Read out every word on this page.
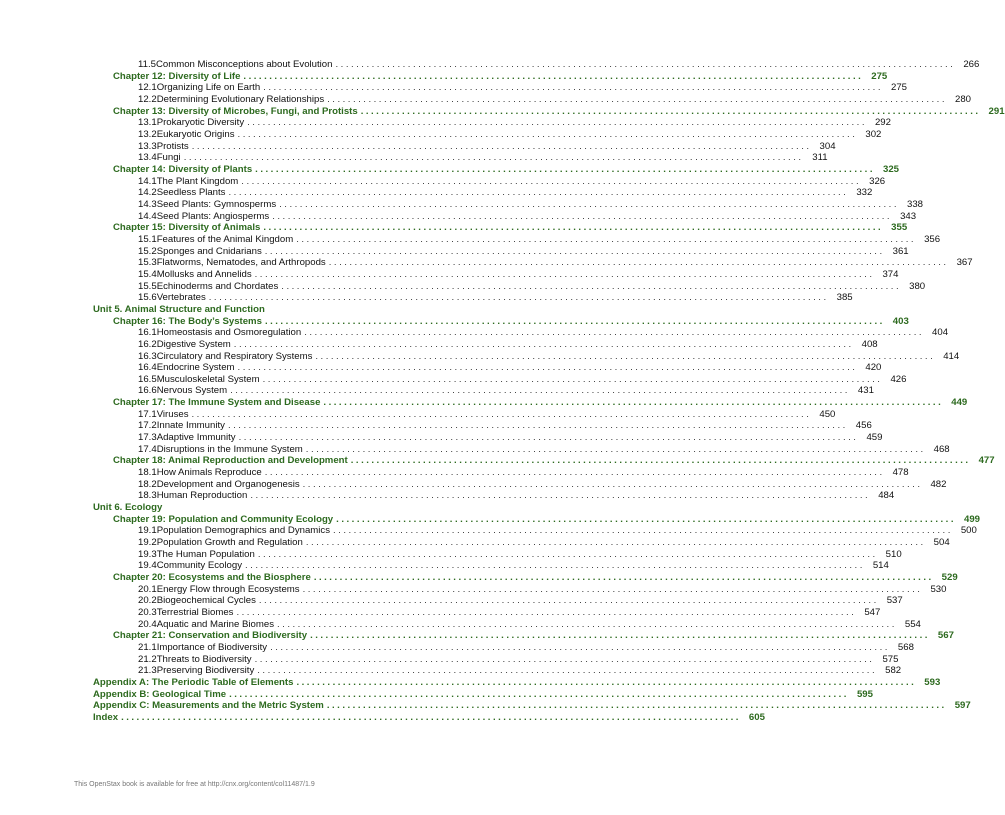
11.5 Common Misconceptions about Evolution ........................................................................................................................ 266
Chapter 12: Diversity of Life ........................................................................................................................ 275
12.1 Organizing Life on Earth ........................................................................................................................ 275
12.2 Determining Evolutionary Relationships ........................................................................................................................ 280
Chapter 13: Diversity of Microbes, Fungi, and Protists ........................................................................................................................ 291
13.1 Prokaryotic Diversity ........................................................................................................................ 292
13.2 Eukaryotic Origins ........................................................................................................................ 302
13.3 Protists ........................................................................................................................ 304
13.4 Fungi ........................................................................................................................ 311
Chapter 14: Diversity of Plants ........................................................................................................................ 325
14.1 The Plant Kingdom ........................................................................................................................ 326
14.2 Seedless Plants ........................................................................................................................ 332
14.3 Seed Plants: Gymnosperms ........................................................................................................................ 338
14.4 Seed Plants: Angiosperms ........................................................................................................................ 343
Chapter 15: Diversity of Animals ........................................................................................................................ 355
15.1 Features of the Animal Kingdom ........................................................................................................................ 356
15.2 Sponges and Cnidarians ........................................................................................................................ 361
15.3 Flatworms, Nematodes, and Arthropods ........................................................................................................................ 367
15.4 Mollusks and Annelids ........................................................................................................................ 374
15.5 Echinoderms and Chordates ........................................................................................................................ 380
15.6 Vertebrates ........................................................................................................................ 385
Unit 5. Animal Structure and Function
Chapter 16: The Body’s Systems ........................................................................................................................ 403
16.1 Homeostasis and Osmoregulation ........................................................................................................................ 404
16.2 Digestive System ........................................................................................................................ 408
16.3 Circulatory and Respiratory Systems ........................................................................................................................ 414
16.4 Endocrine System ........................................................................................................................ 420
16.5 Musculoskeletal System ........................................................................................................................ 426
16.6 Nervous System ........................................................................................................................ 431
Chapter 17: The Immune System and Disease ........................................................................................................................ 449
17.1 Viruses ........................................................................................................................ 450
17.2 Innate Immunity ........................................................................................................................ 456
17.3 Adaptive Immunity ........................................................................................................................ 459
17.4 Disruptions in the Immune System ........................................................................................................................ 468
Chapter 18: Animal Reproduction and Development ........................................................................................................................ 477
18.1 How Animals Reproduce ........................................................................................................................ 478
18.2 Development and Organogenesis ........................................................................................................................ 482
18.3 Human Reproduction ........................................................................................................................ 484
Unit 6. Ecology
Chapter 19: Population and Community Ecology ........................................................................................................................ 499
19.1 Population Demographics and Dynamics ........................................................................................................................ 500
19.2 Population Growth and Regulation ........................................................................................................................ 504
19.3 The Human Population ........................................................................................................................ 510
19.4 Community Ecology ........................................................................................................................ 514
Chapter 20: Ecosystems and the Biosphere ........................................................................................................................ 529
20.1 Energy Flow through Ecosystems ........................................................................................................................ 530
20.2 Biogeochemical Cycles ........................................................................................................................ 537
20.3 Terrestrial Biomes ........................................................................................................................ 547
20.4 Aquatic and Marine Biomes ........................................................................................................................ 554
Chapter 21: Conservation and Biodiversity ........................................................................................................................ 567
21.1 Importance of Biodiversity ........................................................................................................................ 568
21.2 Threats to Biodiversity ........................................................................................................................ 575
21.3 Preserving Biodiversity ........................................................................................................................ 582
Appendix A: The Periodic Table of Elements ........................................................................................................................ 593
Appendix B: Geological Time ........................................................................................................................ 595
Appendix C: Measurements and the Metric System ........................................................................................................................ 597
Index ........................................................................................................................ 605
This OpenStax book is available for free at http://cnx.org/content/col11487/1.9
